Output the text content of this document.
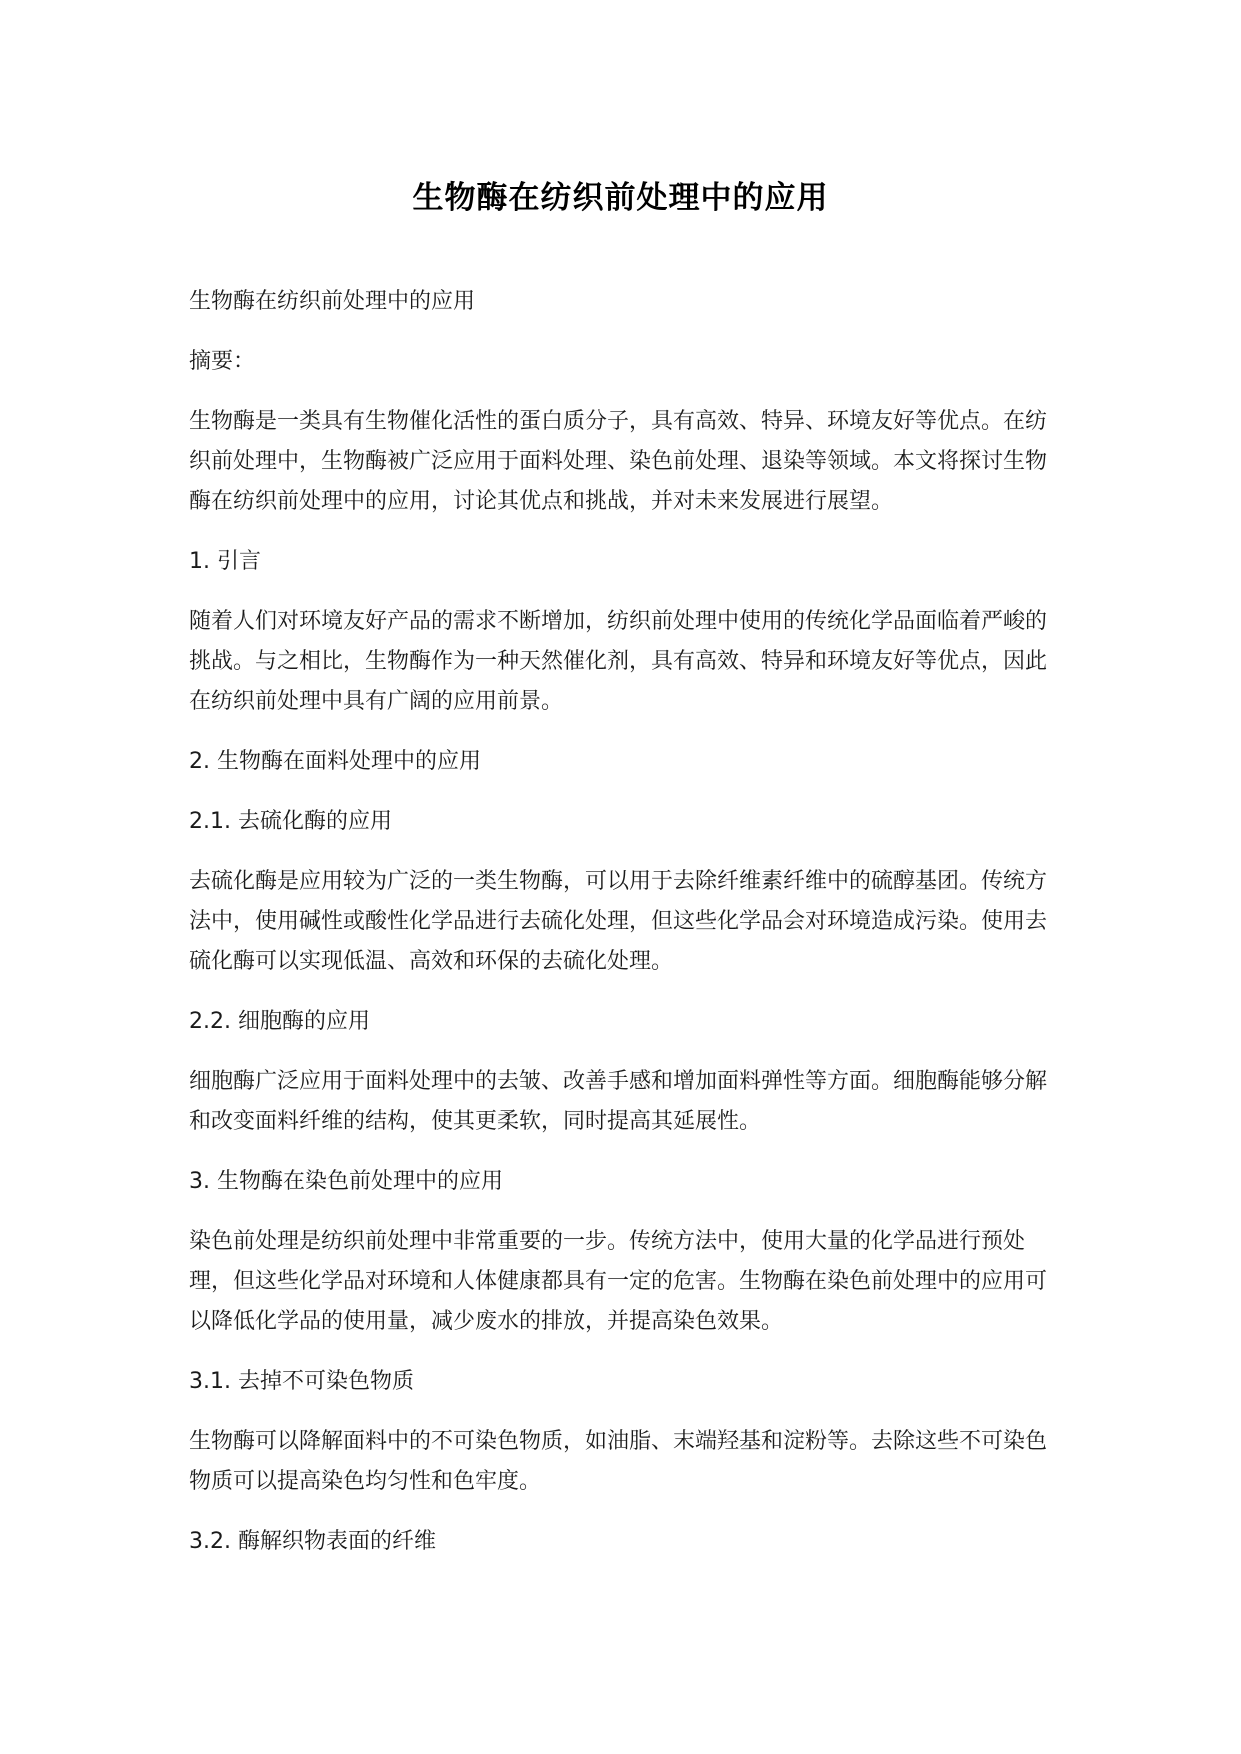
生物酶在纺织前处理中的应用

生物酶在纺织前处理中的应用

摘要：

生物酶是一类具有生物催化活性的蛋白质分子，具有高效、特异、环境友好等优点。在纺织前处理中，生物酶被广泛应用于面料处理、染色前处理、退染等领域。本文将探讨生物酶在纺织前处理中的应用，讨论其优点和挑战，并对未来发展进行展望。

1. 引言

随着人们对环境友好产品的需求不断增加，纺织前处理中使用的传统化学品面临着严峻的挑战。与之相比，生物酶作为一种天然催化剂，具有高效、特异和环境友好等优点，因此在纺织前处理中具有广阔的应用前景。

2. 生物酶在面料处理中的应用

2.1. 去硫化酶的应用

去硫化酶是应用较为广泛的一类生物酶，可以用于去除纤维素纤维中的硫醇基团。传统方法中，使用碱性或酸性化学品进行去硫化处理，但这些化学品会对环境造成污染。使用去硫化酶可以实现低温、高效和环保的去硫化处理。

2.2. 细胞酶的应用

细胞酶广泛应用于面料处理中的去皱、改善手感和增加面料弹性等方面。细胞酶能够分解和改变面料纤维的结构，使其更柔软，同时提高其延展性。

3. 生物酶在染色前处理中的应用

染色前处理是纺织前处理中非常重要的一步。传统方法中，使用大量的化学品进行预处理，但这些化学品对环境和人体健康都具有一定的危害。生物酶在染色前处理中的应用可以降低化学品的使用量，减少废水的排放，并提高染色效果。

3.1. 去掉不可染色物质

生物酶可以降解面料中的不可染色物质，如油脂、末端羟基和淀粉等。去除这些不可染色物质可以提高染色均匀性和色牢度。

3.2. 酶解织物表面的纤维
